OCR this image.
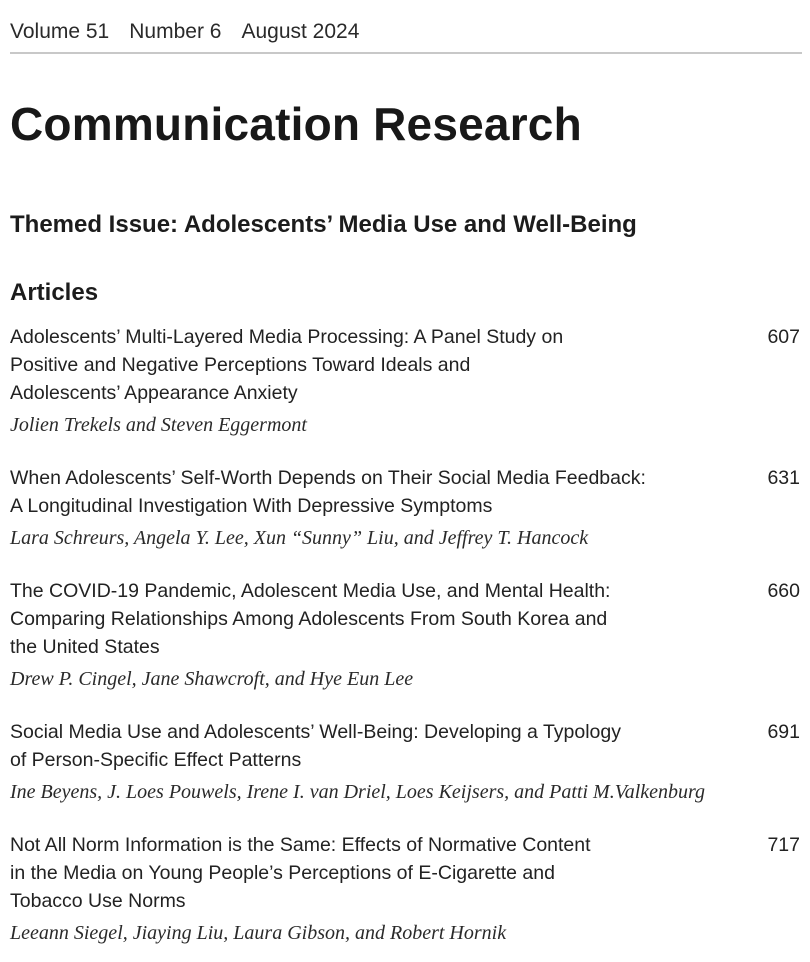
Volume 51 Number 6 August 2024
Communication Research
Themed Issue: Adolescents’ Media Use and Well-Being
Articles
Adolescents’ Multi-Layered Media Processing: A Panel Study on
Positive and Negative Perceptions Toward Ideals and
Adolescents’ Appearance Anxiety
607
Jolien Trekels and Steven Eggermont
When Adolescents’ Self-Worth Depends on Their Social Media Feedback:
A Longitudinal Investigation With Depressive Symptoms
631
Lara Schreurs, Angela Y. Lee, Xun “Sunny” Liu, and Jeffrey T. Hancock
The COVID-19 Pandemic, Adolescent Media Use, and Mental Health:
Comparing Relationships Among Adolescents From South Korea and
the United States
660
Drew P. Cingel, Jane Shawcroft, and Hye Eun Lee
Social Media Use and Adolescents’ Well-Being: Developing a Typology
of Person-Specific Effect Patterns
691
Ine Beyens, J. Loes Pouwels, Irene I. van Driel, Loes Keijsers, and Patti M.Valkenburg
Not All Norm Information is the Same: Effects of Normative Content
in the Media on Young People’s Perceptions of E-Cigarette and
Tobacco Use Norms
717
Leeann Siegel, Jiaying Liu, Laura Gibson, and Robert Hornik
